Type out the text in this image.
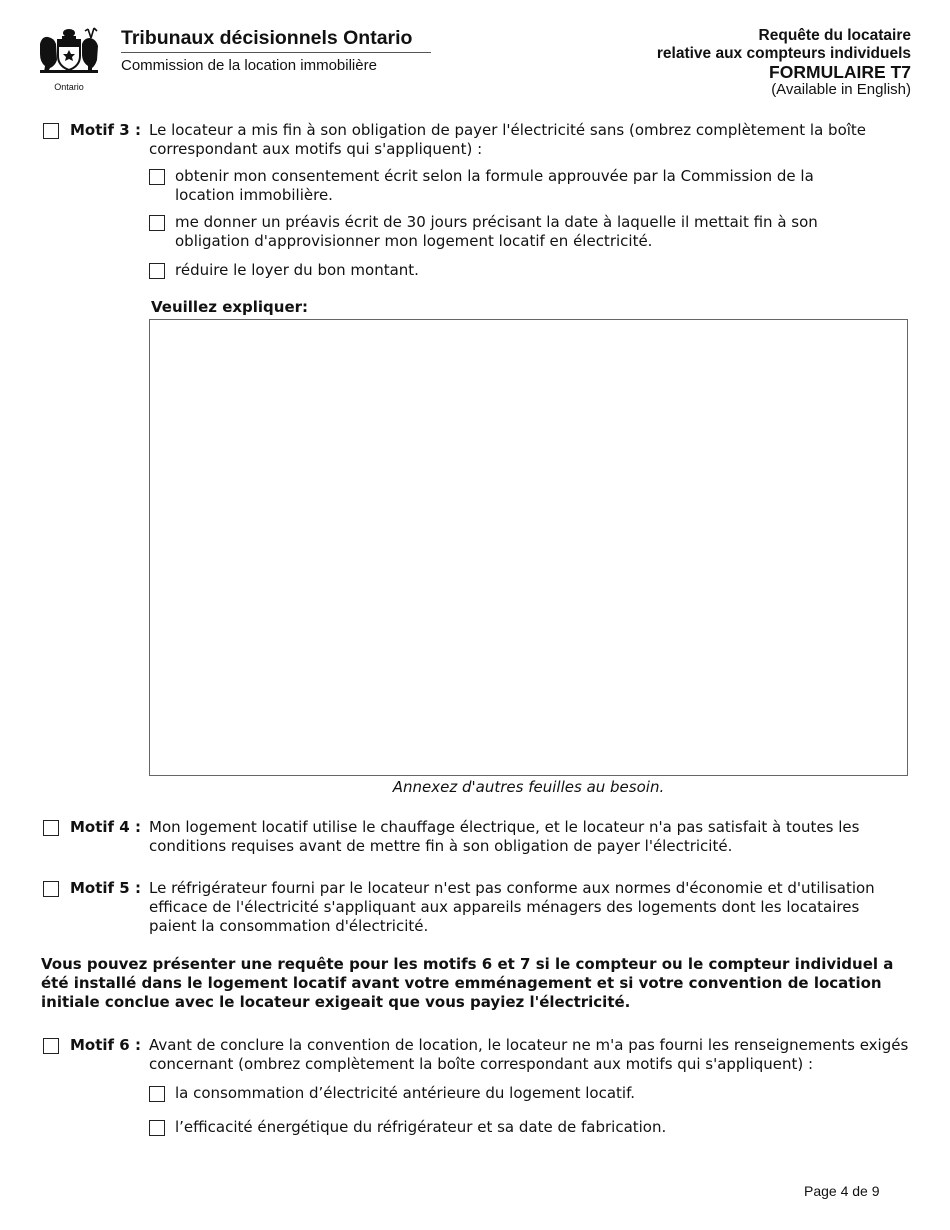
Ontario
Tribunaux décisionnels Ontario
Commission de la location immobilière
Requête du locataire
relative aux compteurs individuels
FORMULAIRE T7
(Available in English)
Motif 3 : Le locateur a mis fin à son obligation de payer l'électricité sans (ombrez complètement la boîte correspondant aux motifs qui s'appliquent) :
obtenir mon consentement écrit selon la formule approuvée par la Commission de la location immobilière.
me donner un préavis écrit de 30 jours précisant la date à laquelle il mettait fin à son obligation d'approvisionner mon logement locatif en électricité.
réduire le loyer du bon montant.
Veuillez expliquer:
Annexez d'autres feuilles au besoin.
Motif 4 : Mon logement locatif utilise le chauffage électrique, et le locateur n'a pas satisfait à toutes les conditions requises avant de mettre fin à son obligation de payer l'électricité.
Motif 5 : Le réfrigérateur fourni par le locateur n'est pas conforme aux normes d'économie et d'utilisation efficace de l'électricité s'appliquant aux appareils ménagers des logements dont les locataires paient la consommation d'électricité.
Vous pouvez présenter une requête pour les motifs 6 et 7 si le compteur ou le compteur individuel a été installé dans le logement locatif avant votre emménagement et si votre convention de location initiale conclue avec le locateur exigeait que vous payiez l'électricité.
Motif 6 : Avant de conclure la convention de location, le locateur ne m'a pas fourni les renseignements exigés concernant (ombrez complètement la boîte correspondant aux motifs qui s'appliquent) :
la consommation d’électricité antérieure du logement locatif.
l’efficacité énergétique du réfrigérateur et sa date de fabrication.
Page 4 de 9
